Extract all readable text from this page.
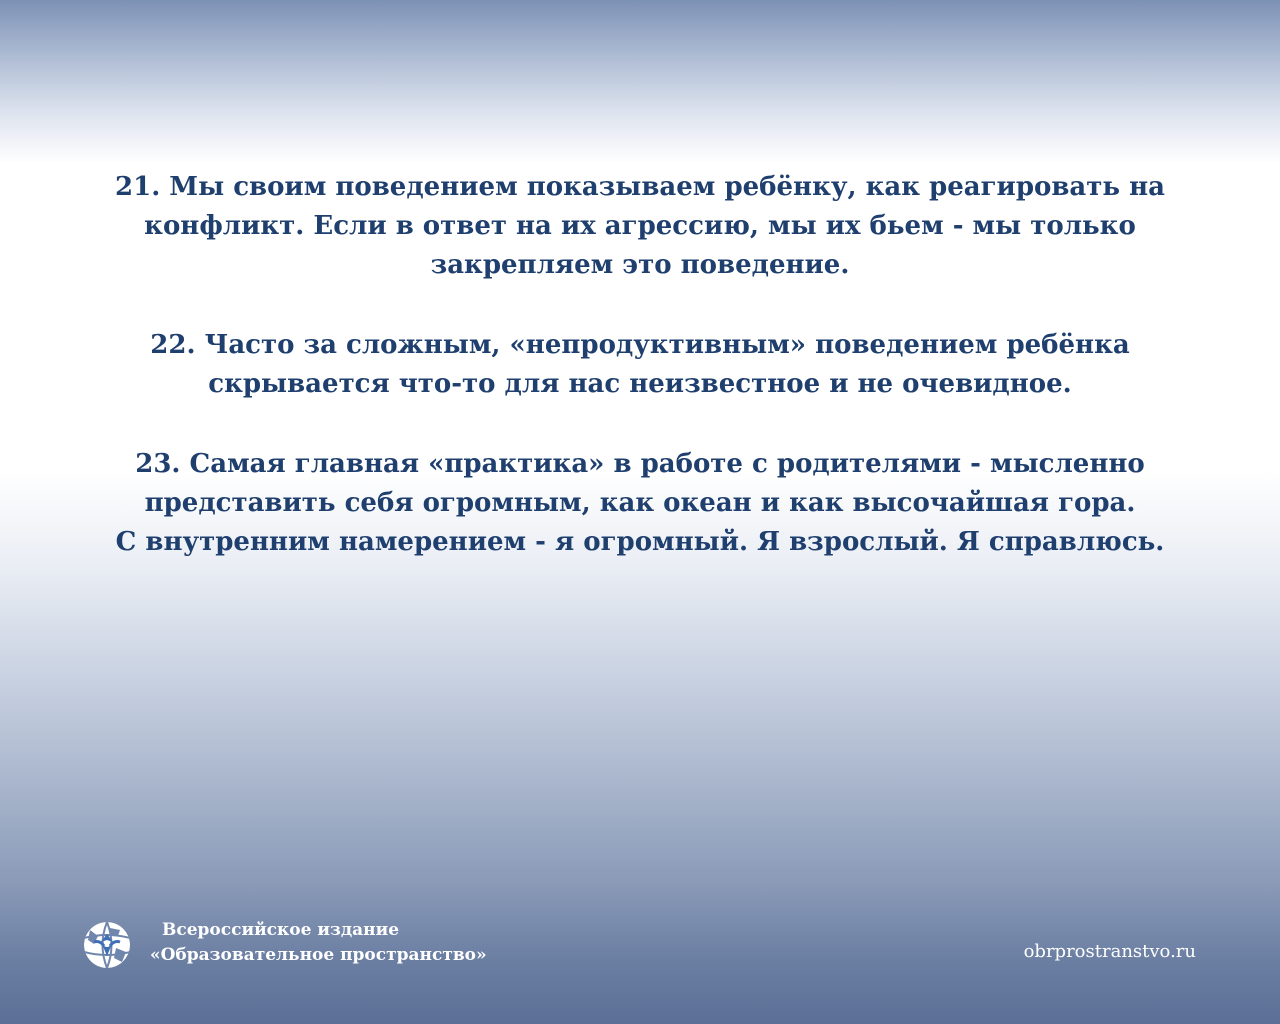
21. Мы своим поведением показываем ребёнку, как реагировать на
конфликт. Если в ответ на их агрессию, мы их бьем - мы только
закрепляем это поведение.

22. Часто за сложным, «непродуктивным» поведением ребёнка
скрывается что-то для нас неизвестное и не очевидное.

23. Самая главная «практика» в работе с родителями - мысленно
представить себя огромным, как океан и как высочайшая гора.
С внутренним намерением - я огромный. Я взрослый. Я справлюсь.

Всероссийское издание
«Образовательное пространство»	obrprostranstvo.ru
